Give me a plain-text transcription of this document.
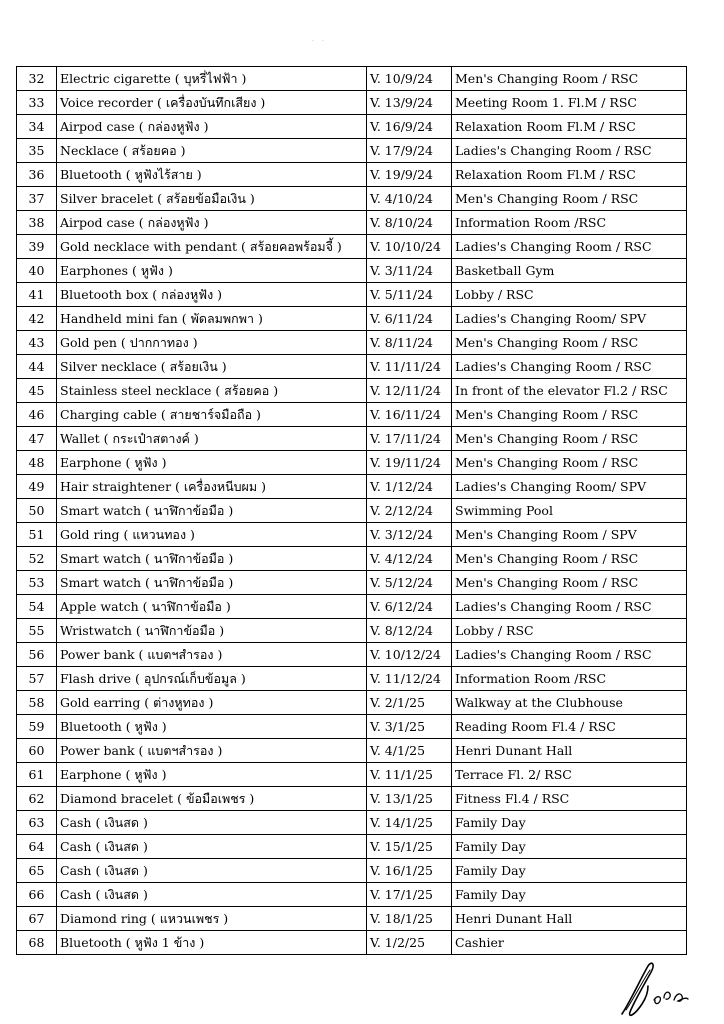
· ·
32	Electric cigarette ( บุหรี่ไฟฟ้า )	V. 10/9/24	Men's Changing Room / RSC
33	Voice recorder ( เครื่องบันทึกเสียง )	V. 13/9/24	Meeting Room 1. Fl.M / RSC
34	Airpod case ( กล่องหูฟัง )	V. 16/9/24	Relaxation Room Fl.M / RSC
35	Necklace ( สร้อยคอ )	V. 17/9/24	Ladies's Changing Room / RSC
36	Bluetooth ( หูฟังไร้สาย )	V. 19/9/24	Relaxation Room Fl.M / RSC
37	Silver bracelet ( สร้อยข้อมือเงิน )	V. 4/10/24	Men's Changing Room / RSC
38	Airpod case ( กล่องหูฟัง )	V. 8/10/24	Information Room /RSC
39	Gold necklace with pendant ( สร้อยคอพร้อมจี้ )	V. 10/10/24	Ladies's Changing Room / RSC
40	Earphones ( หูฟัง )	V. 3/11/24	Basketball Gym
41	Bluetooth box ( กล่องหูฟัง )	V. 5/11/24	Lobby / RSC
42	Handheld mini fan ( พัดลมพกพา )	V. 6/11/24	Ladies's Changing Room/ SPV
43	Gold pen ( ปากกาทอง )	V. 8/11/24	Men's Changing Room / RSC
44	Silver necklace ( สร้อยเงิน )	V. 11/11/24	Ladies's Changing Room / RSC
45	Stainless steel necklace ( สร้อยคอ )	V. 12/11/24	In front of the elevator Fl.2 / RSC
46	Charging cable ( สายชาร์จมือถือ )	V. 16/11/24	Men's Changing Room / RSC
47	Wallet ( กระเป๋าสตางค์ )	V. 17/11/24	Men's Changing Room / RSC
48	Earphone ( หูฟัง )	V. 19/11/24	Men's Changing Room / RSC
49	Hair straightener ( เครื่องหนีบผม )	V. 1/12/24	Ladies's Changing Room/ SPV
50	Smart watch ( นาฬิกาข้อมือ )	V. 2/12/24	Swimming Pool
51	Gold ring ( แหวนทอง )	V. 3/12/24	Men's Changing Room / SPV
52	Smart watch ( นาฬิกาข้อมือ )	V. 4/12/24	Men's Changing Room / RSC
53	Smart watch ( นาฬิกาข้อมือ )	V. 5/12/24	Men's Changing Room / RSC
54	Apple watch ( นาฬิกาข้อมือ )	V. 6/12/24	Ladies's Changing Room / RSC
55	Wristwatch ( นาฬิกาข้อมือ )	V. 8/12/24	Lobby / RSC
56	Power bank ( แบตฯสำรอง )	V. 10/12/24	Ladies's Changing Room / RSC
57	Flash drive ( อุปกรณ์เก็บข้อมูล )	V. 11/12/24	Information Room /RSC
58	Gold earring ( ต่างหูทอง )	V. 2/1/25	Walkway at the Clubhouse
59	Bluetooth ( หูฟัง )	V. 3/1/25	Reading Room Fl.4 / RSC
60	Power bank ( แบตฯสำรอง )	V. 4/1/25	Henri Dunant Hall
61	Earphone ( หูฟัง )	V. 11/1/25	Terrace Fl. 2/ RSC
62	Diamond bracelet ( ข้อมือเพชร )	V. 13/1/25	Fitness Fl.4 / RSC
63	Cash ( เงินสด )	V. 14/1/25	Family Day
64	Cash ( เงินสด )	V. 15/1/25	Family Day
65	Cash ( เงินสด )	V. 16/1/25	Family Day
66	Cash ( เงินสด )	V. 17/1/25	Family Day
67	Diamond ring ( แหวนเพชร )	V. 18/1/25	Henri Dunant Hall
68	Bluetooth ( หูฟัง 1 ข้าง )	V. 1/2/25	Cashier
